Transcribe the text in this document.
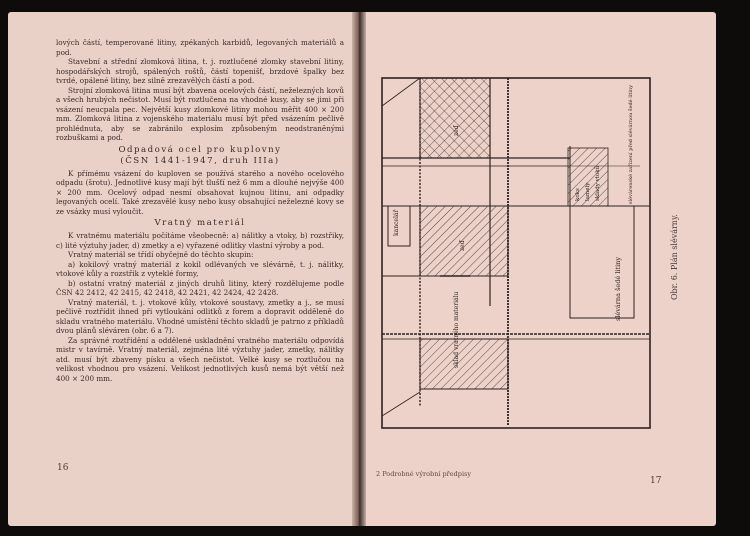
lových částí, temperované litiny, zpékaných karbidů, legovaných materiálů a pod.

Stavební a střední zlomková litina, t. j. roztlučené zlomky stavební litiny, hospodářských strojů, spálených roštů, částí topenišť, brzdové špalky bez tvrdé, opálené litiny, bez silně zrezavělých částí a pod.

Strojní zlomková litina musí být zbavena ocelových částí, neželezných kovů a všech hrubých nečistot. Musí být roztlučena na vhodné kusy, aby se jimi při vsázení neucpala pec. Největší kusy zlomkové litiny mohou měřit 400 × 200 mm. Zlomková litina z vojenského materiálu musí být před vsázením pečlivě prohlédnuta, aby se zabránilo explosím způsobeným neodstraněnými rozbuškami a pod.

Odpadová ocel pro kuplovny
(ČSN 1441-1947, druh IIIa)

K přímému vsázení do kuploven se používá starého a nového ocelového odpadu (šrotu). Jednotlivé kusy mají být tlušťí než 6 mm a dlouhé nejvýše 400 × 200 mm. Ocelový odpad nesmí obsahovat kujnou litinu, ani odpadky legovaných ocelí. Také zrezavělé kusy nebo kusy obsahující neželezné kovy se ze vsázky musí vyloučit.

Vratný materiál

K vratnému materiálu počítáme všeobecně: a) nálitky a vtoky, b) rozstřiky, c) lité výztuhy jader, d) zmetky a e) vyřazené odlitky vlastní výroby a pod.

Vratný materiál se třídí obyčejně do těchto skupin:

a) kokilový vratný materiál z kokil odlévaných ve slévárně, t. j. nálitky, vtokové kůly a rozstřik z vyteklé formy,

b) ostatní vratný materiál z jiných druhů litiny, který rozdělujeme podle ČSN 42 2412, 42 2415, 42 2418, 42 2421, 42 2424, 42 2428.

Vratný materiál, t. j. vtokové kůly, vtokové soustavy, zmetky a j., se musí pečlivě roztřídit ihned při vytloukání odlitků z forem a dopravit odděleně do skladu vratného materiálu. Vhodné umístění těchto skladů je patrno z příkladů dvou plánů sléváren (obr. 6 a 7).

Za správné roztřídění a oddělené uskladnění vratného materiálu odpovídá mistr v tavírně. Vratný materiál, zejména lité výztuhy jader, zmetky, nálitky atd. musí být zbaveny písku a všech nečistot. Velké kusy se roztlučou na velikost vhodnou pro vsázení. Velikost jednotlivých kusů nemá být větší než 400 × 200 mm.

16
17
2 Podrobné výrobní předpisy
Obr. 6. Plán slévárny.
kancelář
zeď
zeď
sklad vratného materiálu
slévárna šedé litiny
koks lamely sklady vtoků	slévárenské zařízení před slévárnou šedé litiny
